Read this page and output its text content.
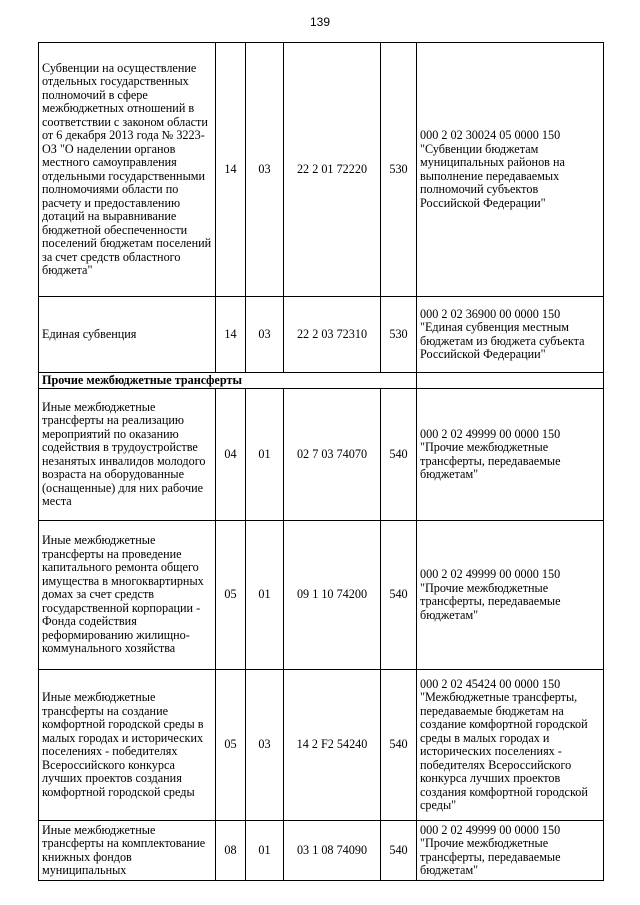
139
Субвенции на осуществление отдельных государственных полномочий в сфере межбюджетных отношений в соответствии с законом области от 6 декабря 2013 года № 3223-ОЗ "О наделении органов местного самоуправления отдельными государственными полномочиями области по расчету и предоставлению дотаций на выравнивание бюджетной обеспеченности поселений бюджетам поселений за счет средств областного бюджета"	14	03	22 2 01 72220	530	000 2 02 30024 05 0000 150 "Субвенции бюджетам муниципальных районов на выполнение передаваемых полномочий субъектов Российской Федерации"
Единая субвенция	14	03	22 2 03 72310	530	000 2 02 36900 00 0000 150 "Единая субвенция местным бюджетам из бюджета субъекта Российской Федерации"
Прочие межбюджетные трансферты					
Иные межбюджетные трансферты на реализацию мероприятий по оказанию содействия в трудоустройстве незанятых инвалидов молодого возраста на оборудованные (оснащенные) для них рабочие места	04	01	02 7 03 74070	540	000 2 02 49999 00 0000 150 "Прочие межбюджетные трансферты, передаваемые бюджетам"
Иные межбюджетные трансферты на проведение капитального ремонта общего имущества в многоквартирных домах за счет средств государственной корпорации - Фонда содействия реформированию жилищно-коммунального хозяйства	05	01	09 1 10 74200	540	000 2 02 49999 00 0000 150 "Прочие межбюджетные трансферты, передаваемые бюджетам"
Иные межбюджетные трансферты на создание комфортной городской среды в малых городах и исторических поселениях - победителях Всероссийского конкурса лучших проектов создания комфортной городской среды	05	03	14 2 F2 54240	540	000 2 02 45424 00 0000 150 "Межбюджетные трансферты, передаваемые бюджетам на создание комфортной городской среды в малых городах и исторических поселениях - победителях Всероссийского конкурса лучших проектов создания комфортной городской среды"
Иные межбюджетные трансферты на комплектование книжных фондов муниципальных	08	01	03 1 08 74090	540	000 2 02 49999 00 0000 150 "Прочие межбюджетные трансферты, передаваемые бюджетам"
